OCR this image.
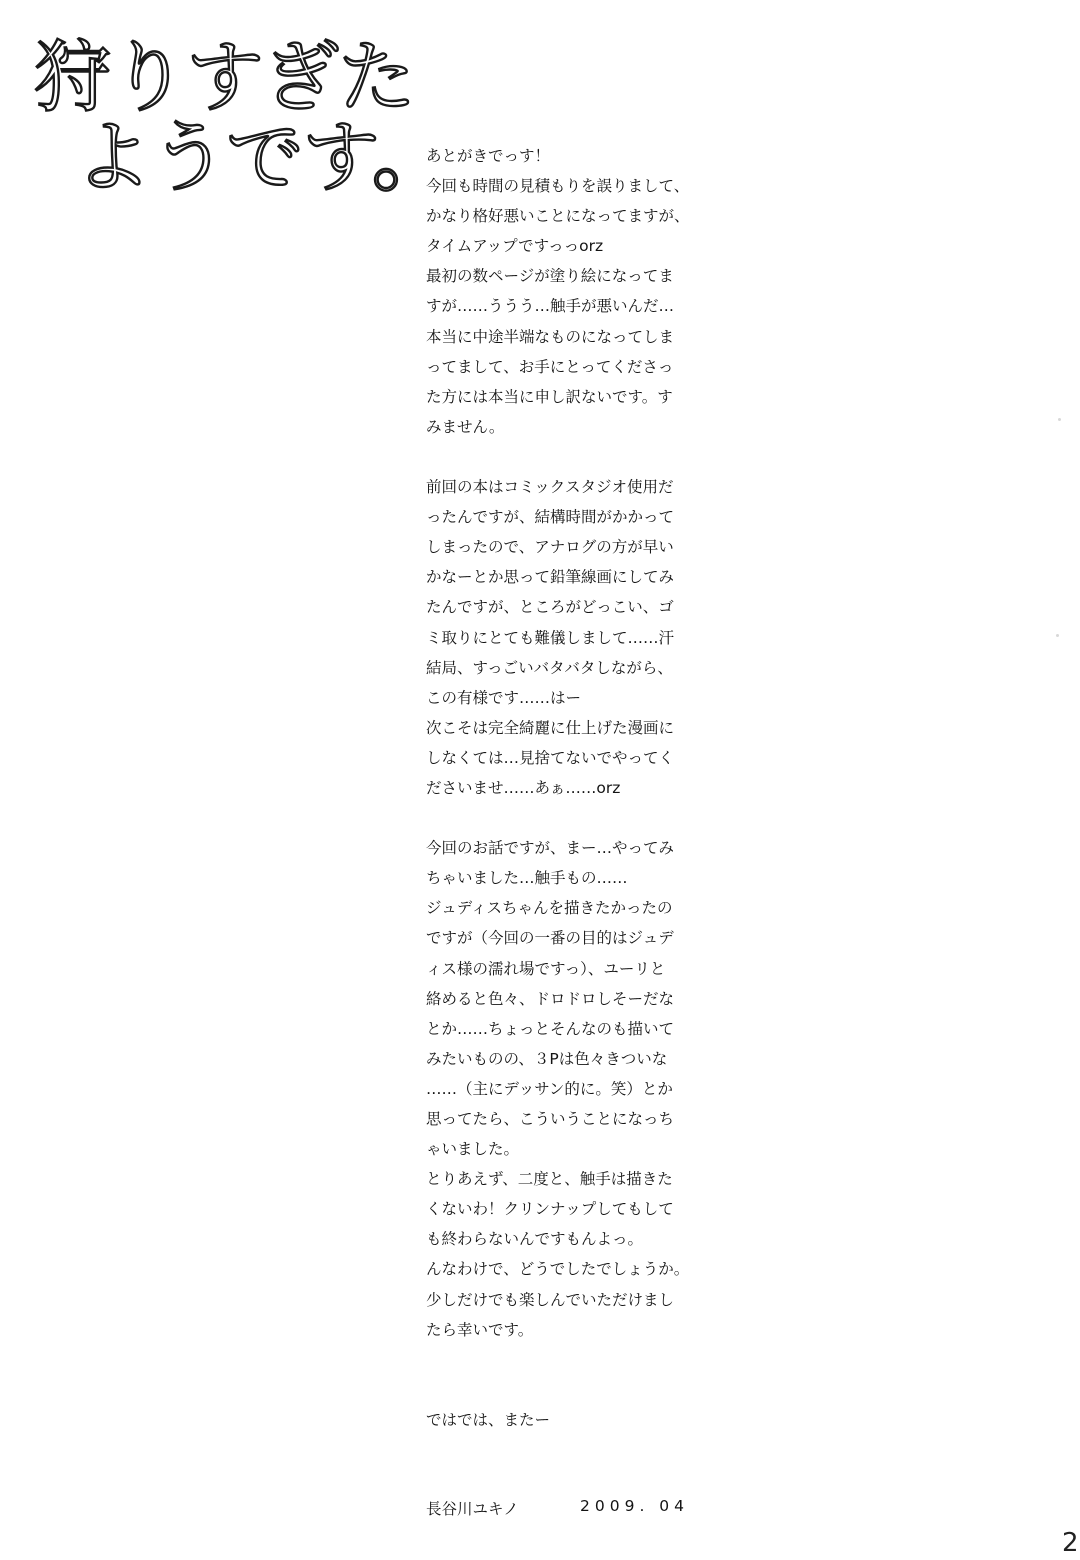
狩りすぎた
ようです。
あとがきでっす！
今回も時間の見積もりを誤りまして、
かなり格好悪いことになってますが、
タイムアップですっっorz
最初の数ページが塗り絵になってま
すが……ううう…触手が悪いんだ…
本当に中途半端なものになってしま
ってまして、お手にとってくださっ
た方には本当に申し訳ないです。す
みません。
前回の本はコミックスタジオ使用だ
ったんですが、結構時間がかかって
しまったので、アナログの方が早い
かなーとか思って鉛筆線画にしてみ
たんですが、ところがどっこい、ゴ
ミ取りにとても難儀しまして……汗
結局、すっごいバタバタしながら、
この有様です……はー
次こそは完全綺麗に仕上げた漫画に
しなくては…見捨てないでやってく
ださいませ……あぁ……orz
今回のお話ですが、まー…やってみ
ちゃいました…触手もの……
ジュディスちゃんを描きたかったの
ですが（今回の一番の目的はジュデ
ィス様の濡れ場ですっ）、ユーリと
絡めると色々、ドロドロしそーだな
とか……ちょっとそんなのも描いて
みたいものの、３Pは色々きついな
……（主にデッサン的に。笑）とか
思ってたら、こういうことになっち
ゃいました。
とりあえず、二度と、触手は描きた
くないわ！クリンナップしてもして
も終わらないんですもんよっ。
んなわけで、どうでしたでしょうか。
少しだけでも楽しんでいただけまし
たら幸いです。
ではでは、またー
長谷川ユキノ	2009. 04
2
